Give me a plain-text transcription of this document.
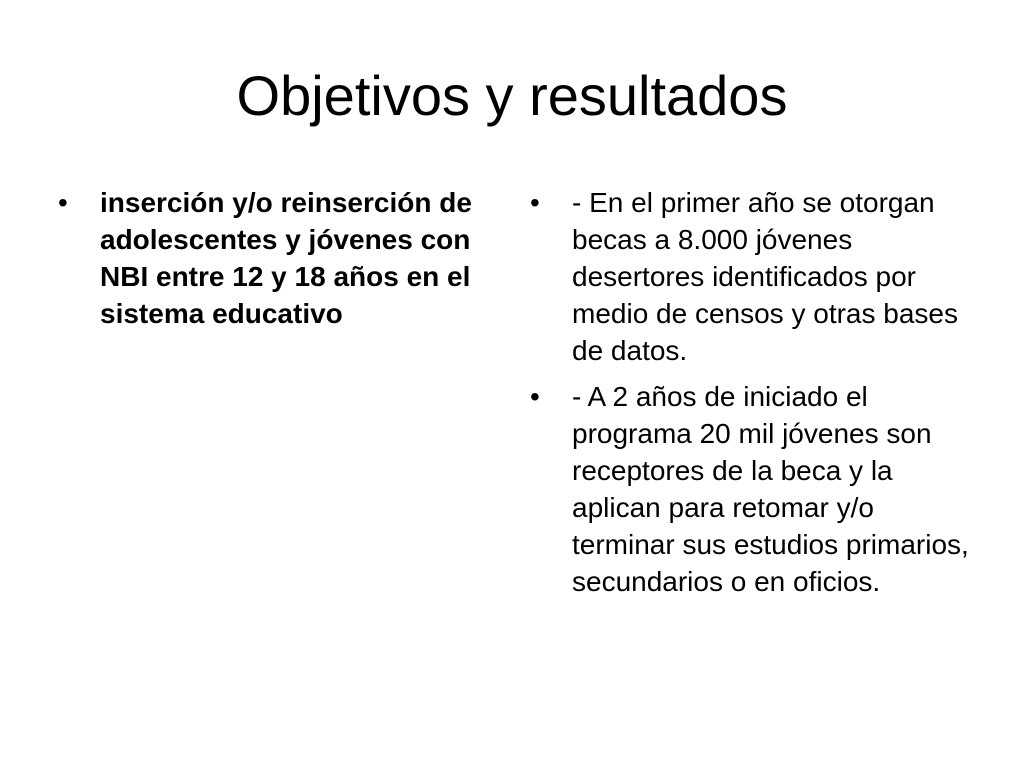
Objetivos y resultados
•	inserción y/o reinserción de adolescentes y jóvenes con NBI entre 12 y 18 años en el sistema educativo
•	- En el primer año se otorgan becas a 8.000 jóvenes desertores identificados por medio de censos y otras bases de datos.
•	- A 2 años de iniciado el programa 20 mil jóvenes son receptores de la beca y la aplican para retomar y/o terminar sus estudios primarios, secundarios o en oficios.
